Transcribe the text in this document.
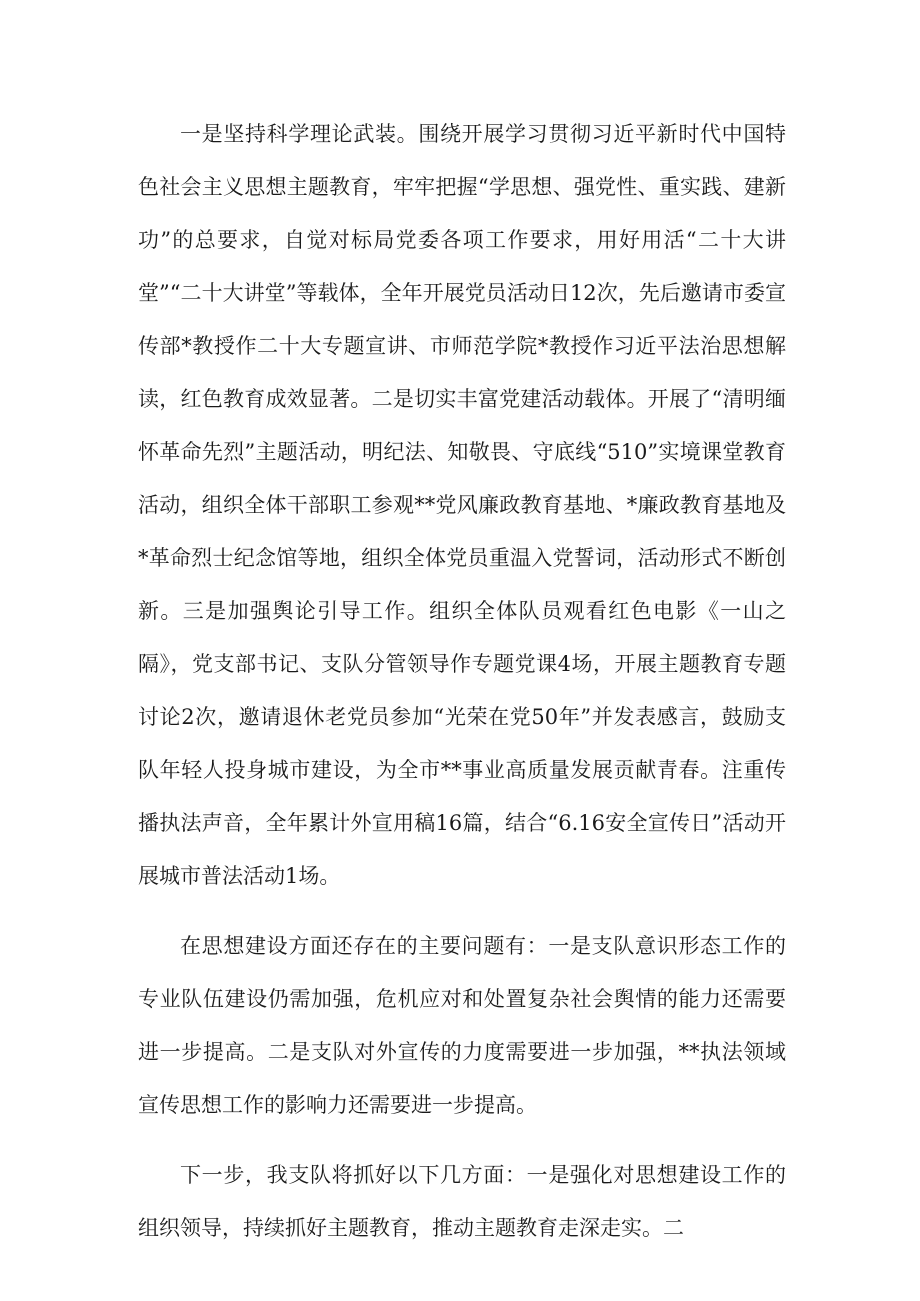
一是坚持科学理论武装。围绕开展学习贯彻习近平新时代中国特色社会主义思想主题教育，牢牢把握“学思想、强党性、重实践、建新功”的总要求，自觉对标局党委各项工作要求，用好用活“二十大讲堂”“二十大讲堂”等载体，全年开展党员活动日12次，先后邀请市委宣传部*教授作二十大专题宣讲、市师范学院*教授作习近平法治思想解读，红色教育成效显著。二是切实丰富党建活动载体。开展了“清明缅怀革命先烈”主题活动，明纪法、知敬畏、守底线“510”实境课堂教育活动，组织全体干部职工参观**党风廉政教育基地、*廉政教育基地及*革命烈士纪念馆等地，组织全体党员重温入党誓词，活动形式不断创新。三是加强舆论引导工作。组织全体队员观看红色电影《一山之隔》，党支部书记、支队分管领导作专题党课4场，开展主题教育专题讨论2次，邀请退休老党员参加“光荣在党50年”并发表感言，鼓励支队年轻人投身城市建设，为全市**事业高质量发展贡献青春。注重传播执法声音，全年累计外宣用稿16篇，结合“6.16安全宣传日”活动开展城市普法活动1场。

在思想建设方面还存在的主要问题有：一是支队意识形态工作的专业队伍建设仍需加强，危机应对和处置复杂社会舆情的能力还需要进一步提高。二是支队对外宣传的力度需要进一步加强，**执法领域宣传思想工作的影响力还需要进一步提高。

下一步，我支队将抓好以下几方面：一是强化对思想建设工作的组织领导，持续抓好主题教育，推动主题教育走深走实。二
